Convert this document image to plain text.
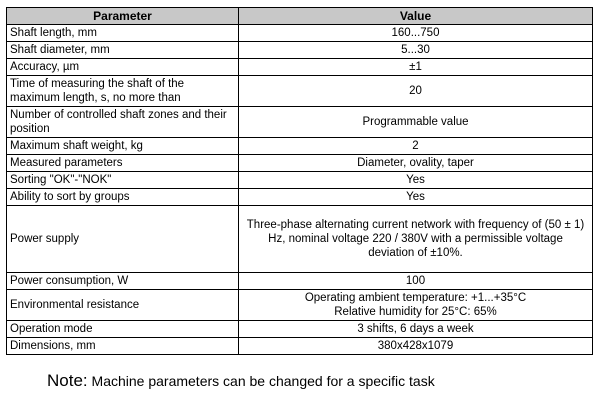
Parameter	Value
Shaft length, mm	160...750
Shaft diameter, mm	5...30
Accuracy, µm	±1
Time of measuring the shaft of the maximum length, s, no more than	20
Number of controlled shaft zones and their position	Programmable value
Maximum shaft weight, kg	2
Measured parameters	Diameter, ovality, taper
Sorting "OK"-"NOK"	Yes
Ability to sort by groups	Yes
Power supply	Three-phase alternating current network with frequency of (50 ± 1) Hz, nominal voltage 220 / 380V with a permissible voltage deviation of ±10%.
Power consumption, W	100
Environmental resistance	Operating ambient temperature: +1...+35°C
Relative humidity for 25°C: 65%

Operation mode	3 shifts, 6 days a week
Dimensions, mm	380x428x1079
Note: Machine parameters can be changed for a specific task
